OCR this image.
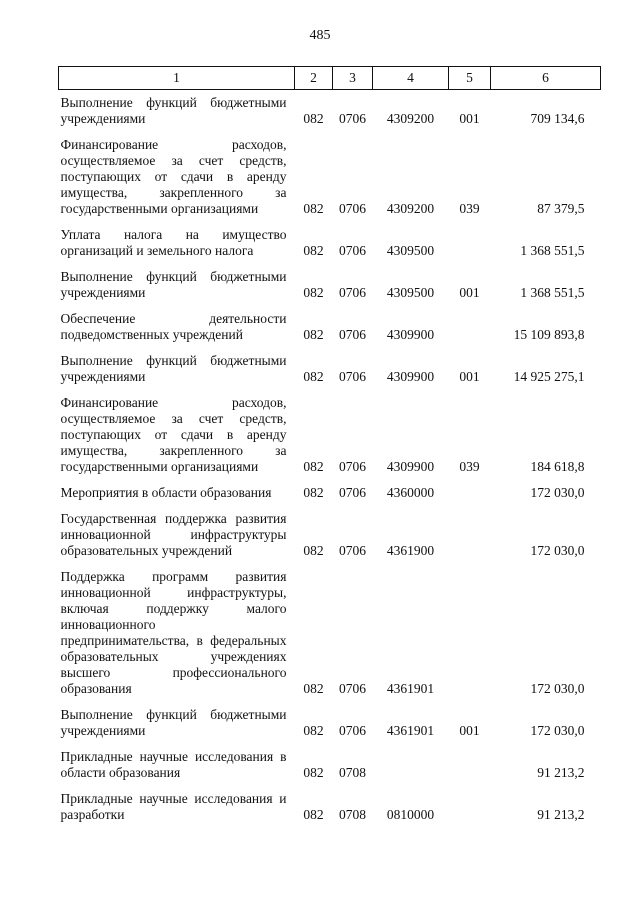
485
1	2	3	4	5	6
Выполнение функций бюджетными учреждениями	082	0706	4309200	001	709 134,6
Финансирование расходов, осуществляемое за счет средств, поступающих от сдачи в аренду имущества, закрепленного за государственными организациями	082	0706	4309200	039	87 379,5
Уплата налога на имущество организаций и земельного налога	082	0706	4309500		1 368 551,5
Выполнение функций бюджетными учреждениями	082	0706	4309500	001	1 368 551,5
Обеспечение деятельности подведомственных учреждений	082	0706	4309900		15 109 893,8
Выполнение функций бюджетными учреждениями	082	0706	4309900	001	14 925 275,1
Финансирование расходов, осуществляемое за счет средств, поступающих от сдачи в аренду имущества, закрепленного за государственными организациями	082	0706	4309900	039	184 618,8
Мероприятия в области образования	082	0706	4360000		172 030,0
Государственная поддержка развития инновационной инфраструктуры образовательных учреждений	082	0706	4361900		172 030,0
Поддержка программ развития инновационной инфраструктуры, включая поддержку малого инновационного предпринимательства, в федеральных образовательных учреждениях высшего профессионального образования	082	0706	4361901		172 030,0
Выполнение функций бюджетными учреждениями	082	0706	4361901	001	172 030,0
Прикладные научные исследования в области образования	082	0708			91 213,2
Прикладные научные исследования и разработки	082	0708	0810000		91 213,2
